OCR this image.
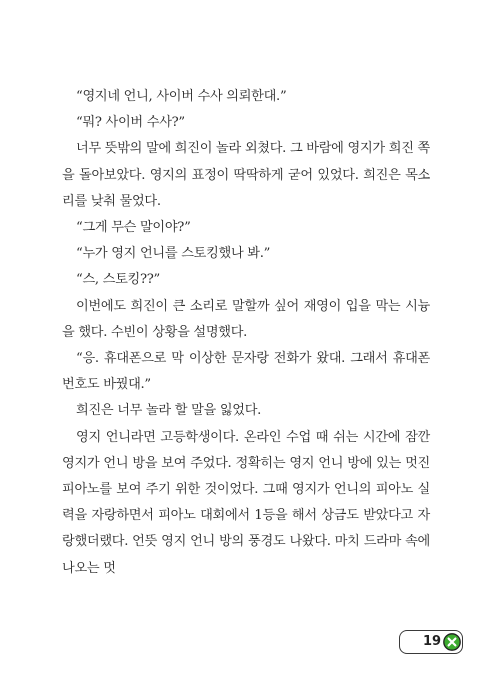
“영지네 언니, 사이버 수사 의뢰한대.”

“뭐? 사이버 수사?”

너무 뜻밖의 말에 희진이 놀라 외쳤다. 그 바람에 영지가 희진 쪽을 돌아보았다. 영지의 표정이 딱딱하게 굳어 있었다. 희진은 목소리를 낮춰 물었다.

“그게 무슨 말이야?”

“누가 영지 언니를 스토킹했나 봐.”

“스, 스토킹??”

이번에도 희진이 큰 소리로 말할까 싶어 재영이 입을 막는 시늉을 했다. 수빈이 상황을 설명했다.

“응. 휴대폰으로 막 이상한 문자랑 전화가 왔대. 그래서 휴대폰 번호도 바꿨대.”

희진은 너무 놀라 할 말을 잃었다.

영지 언니라면 고등학생이다. 온라인 수업 때 쉬는 시간에 잠깐 영지가 언니 방을 보여 주었다. 정확히는 영지 언니 방에 있는 멋진 피아노를 보여 주기 위한 것이었다. 그때 영지가 언니의 피아노 실력을 자랑하면서 피아노 대회에서 1등을 해서 상금도 받았다고 자랑했더랬다. 언뜻 영지 언니 방의 풍경도 나왔다. 마치 드라마 속에 나오는 멋

19
